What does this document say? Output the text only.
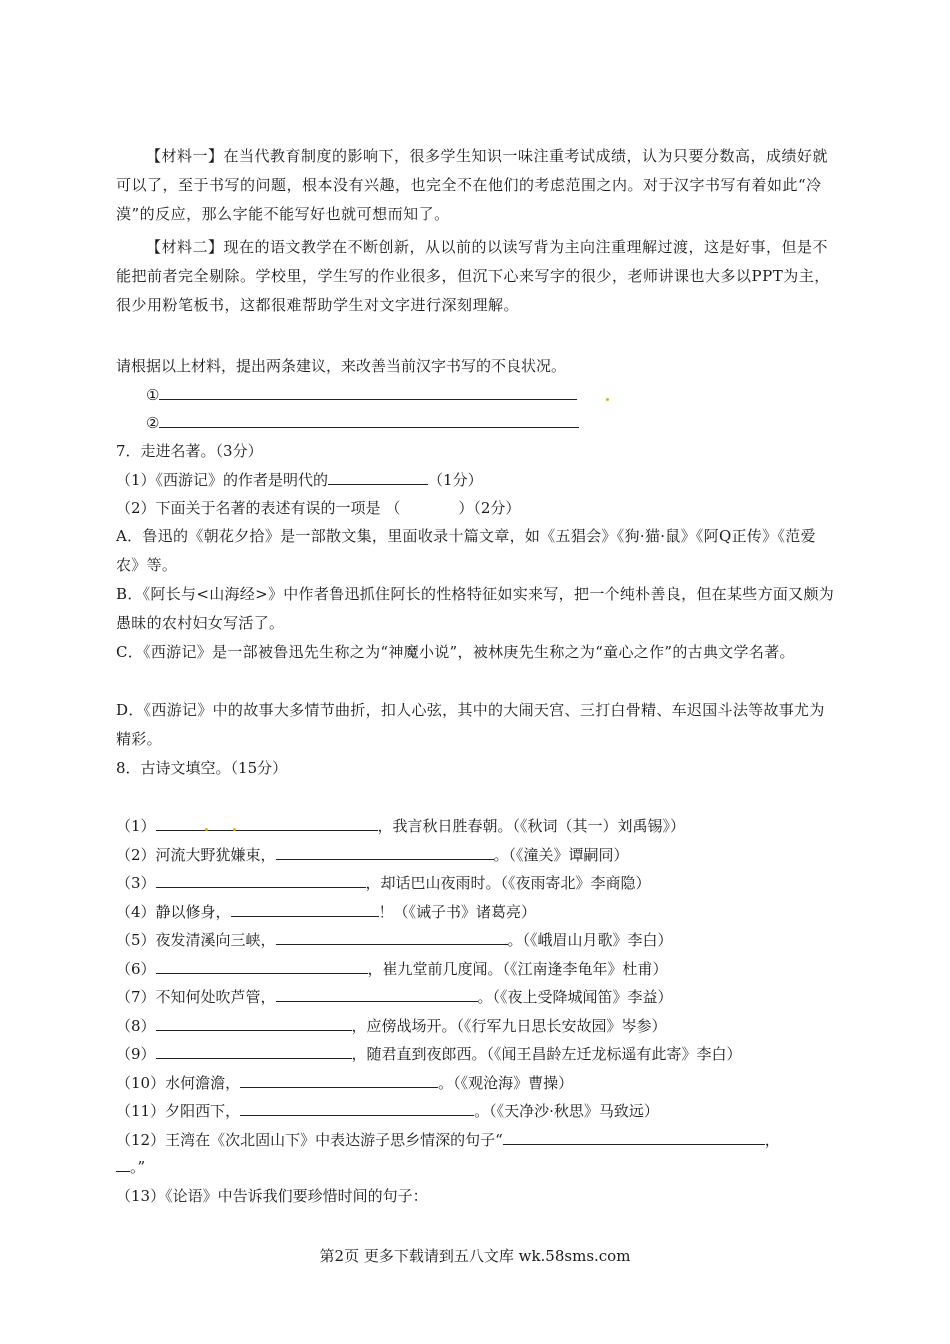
【材料一】在当代教育制度的影响下，很多学生知识一味注重考试成绩，认为只要分数高，成绩好就可以了，至于书写的问题，根本没有兴趣，也完全不在他们的考虑范围之内。对于汉字书写有着如此“冷漠”的反应，那么字能不能写好也就可想而知了。
【材料二】现在的语文教学在不断创新，从以前的以读写背为主向注重理解过渡，这是好事，但是不能把前者完全剔除。学校里，学生写的作业很多，但沉下心来写字的很少，老师讲课也大多以PPT为主，很少用粉笔板书，这都很难帮助学生对文字进行深刻理解。
请根据以上材料，提出两条建议，来改善当前汉字书写的不良状况。
①
②
7．走进名著。（3分）
（1）《西游记》的作者是明代的	（1分）
（2）下面关于名著的表述有误的一项是 （	）（2分）
A．鲁迅的《朝花夕拾》是一部散文集，里面收录十篇文章，如《五猖会》《狗·猫·鼠》《阿Q正传》《范爱农》等。
B．《阿长与<山海经>》中作者鲁迅抓住阿长的性格特征如实来写，把一个纯朴善良，但在某些方面又颇为愚昧的农村妇女写活了。
C．《西游记》是一部被鲁迅先生称之为“神魔小说”，被林庚先生称之为“童心之作”的古典文学名著。
D．《西游记》中的故事大多情节曲折，扣人心弦，其中的大闹天宫、三打白骨精、车迟国斗法等故事尤为精彩。
8．古诗文填空。（15分）
（1）	，我言秋日胜春朝。（《秋词（其一）刘禹锡》）
（2）河流大野犹嫌束，	。（《潼关》谭嗣同）
（3）	，却话巴山夜雨时。（《夜雨寄北》李商隐）
（4）静以修身，	！（《诫子书》诸葛亮）
（5）夜发清溪向三峡，	。（《峨眉山月歌》李白）
（6）	，崔九堂前几度闻。（《江南逢李龟年》杜甫）
（7）不知何处吹芦管，	。（《夜上受降城闻笛》李益）
（8）	，应傍战场开。（《行军九日思长安故园》岑参）
（9）	，随君直到夜郎西。（《闻王昌龄左迁龙标遥有此寄》李白）
（10）水何澹澹，	。（《观沧海》曹操）
（11）夕阳西下，	。（《天净沙·秋思》马致远）
（12）王湾在《次北固山下》中表达游子思乡情深的句子“	，
。”
（13）《论语》中告诉我们要珍惜时间的句子：
第2页 更多下载请到五八文库 wk.58sms.com
